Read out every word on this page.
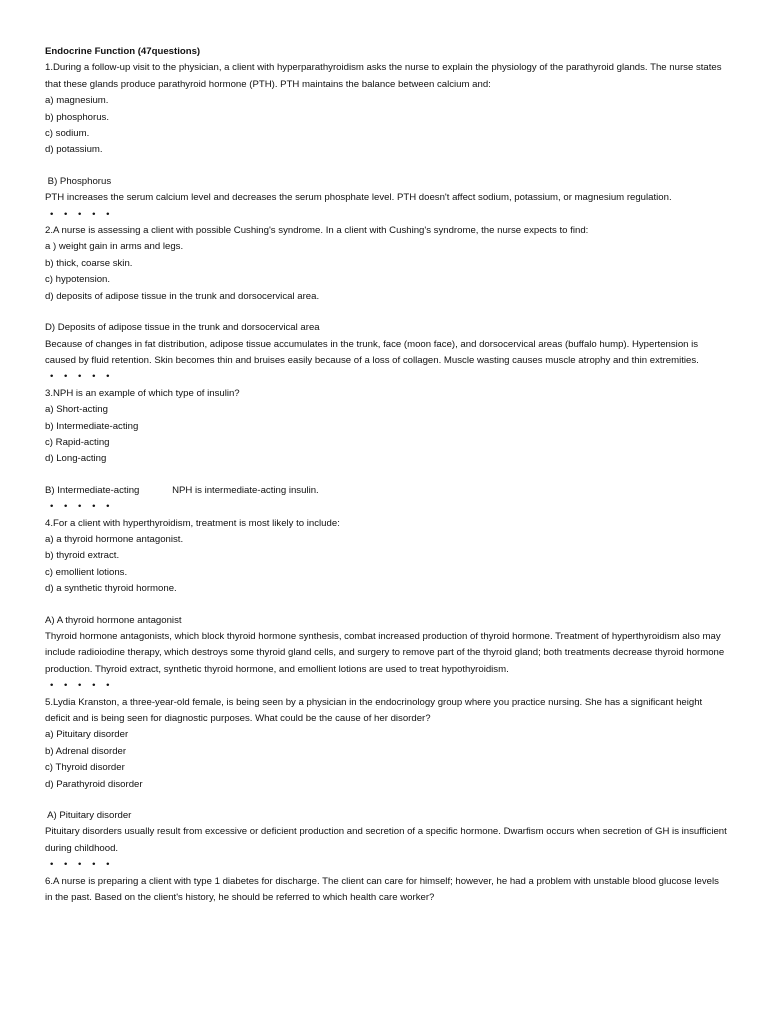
Endocrine Function (47questions)
1.During a follow-up visit to the physician, a client with hyperparathyroidism asks the nurse to explain the physiology of the parathyroid glands. The nurse states that these glands produce parathyroid hormone (PTH). PTH maintains the balance between calcium and:
a) magnesium.
b) phosphorus.
c) sodium.
d) potassium.
B) Phosphorus
PTH increases the serum calcium level and decreases the serum phosphate level. PTH doesn't affect sodium, potassium, or magnesium regulation.
• • • • •
2.A nurse is assessing a client with possible Cushing's syndrome. In a client with Cushing's syndrome, the nurse expects to find:
a ) weight gain in arms and legs.
b) thick, coarse skin.
c) hypotension.
d) deposits of adipose tissue in the trunk and dorsocervical area.
D) Deposits of adipose tissue in the trunk and dorsocervical area
Because of changes in fat distribution, adipose tissue accumulates in the trunk, face (moon face), and dorsocervical areas (buffalo hump). Hypertension is caused by fluid retention. Skin becomes thin and bruises easily because of a loss of collagen. Muscle wasting causes muscle atrophy and thin extremities.
• • • • •
3.NPH is an example of which type of insulin?
a) Short-acting
b) Intermediate-acting
c) Rapid-acting
d) Long-acting
B) Intermediate-acting	NPH is intermediate-acting insulin.
• • • • •
4.For a client with hyperthyroidism, treatment is most likely to include:
a) a thyroid hormone antagonist.
b) thyroid extract.
c) emollient lotions.
d) a synthetic thyroid hormone.
A) A thyroid hormone antagonist
Thyroid hormone antagonists, which block thyroid hormone synthesis, combat increased production of thyroid hormone. Treatment of hyperthyroidism also may include radioiodine therapy, which destroys some thyroid gland cells, and surgery to remove part of the thyroid gland; both treatments decrease thyroid hormone production. Thyroid extract, synthetic thyroid hormone, and emollient lotions are used to treat hypothyroidism.
• • • • •
5.Lydia Kranston, a three-year-old female, is being seen by a physician in the endocrinology group where you practice nursing. She has a significant height deficit and is being seen for diagnostic purposes. What could be the cause of her disorder?
a) Pituitary disorder
b) Adrenal disorder
c) Thyroid disorder
d) Parathyroid disorder
A) Pituitary disorder
Pituitary disorders usually result from excessive or deficient production and secretion of a specific hormone. Dwarfism occurs when secretion of GH is insufficient during childhood.
• • • • •
6.A nurse is preparing a client with type 1 diabetes for discharge. The client can care for himself; however, he had a problem with unstable blood glucose levels in the past. Based on the client's history, he should be referred to which health care worker?
